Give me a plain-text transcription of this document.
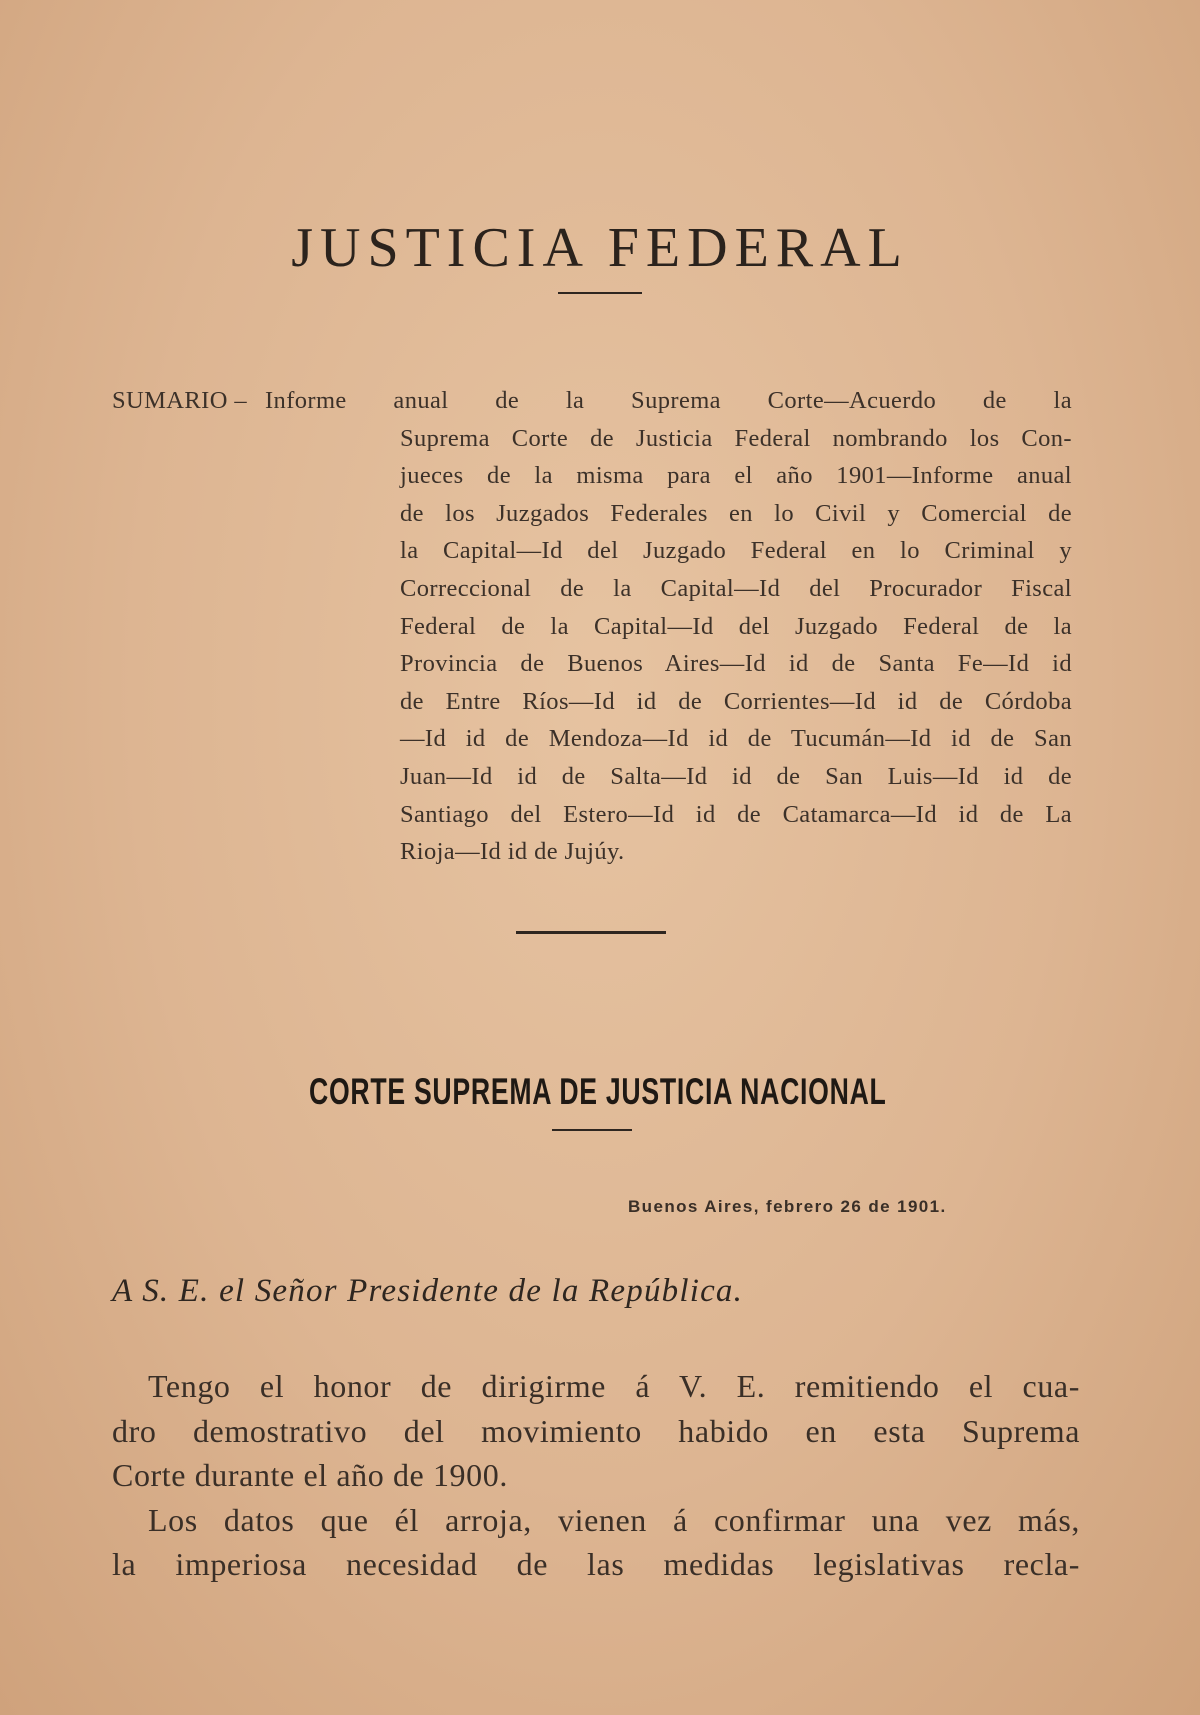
JUSTICIA FEDERAL
SUMARIO – Informe anual de la Suprema Corte—Acuerdo de la
Suprema Corte de Justicia Federal nombrando los Con-
jueces de la misma para el año 1901—Informe anual
de los Juzgados Federales en lo Civil y Comercial de
la Capital—Id del Juzgado Federal en lo Criminal y
Correccional de la Capital—Id del Procurador Fiscal
Federal de la Capital—Id del Juzgado Federal de la
Provincia de Buenos Aires—Id id de Santa Fe—Id id
de Entre Ríos—Id id de Corrientes—Id id de Córdoba
—Id id de Mendoza—Id id de Tucumán—Id id de San
Juan—Id id de Salta—Id id de San Luis—Id id de
Santiago del Estero—Id id de Catamarca—Id id de La
Rioja—Id id de Jujúy.
CORTE SUPREMA DE JUSTICIA NACIONAL
Buenos Aires, febrero 26 de 1901.
A S. E. el Señor Presidente de la República.
Tengo el honor de dirigirme á V. E. remitiendo el cua-
dro demostrativo del movimiento habido en esta Suprema
Corte durante el año de 1900.
Los datos que él arroja, vienen á confirmar una vez más,
la imperiosa necesidad de las medidas legislativas recla-
